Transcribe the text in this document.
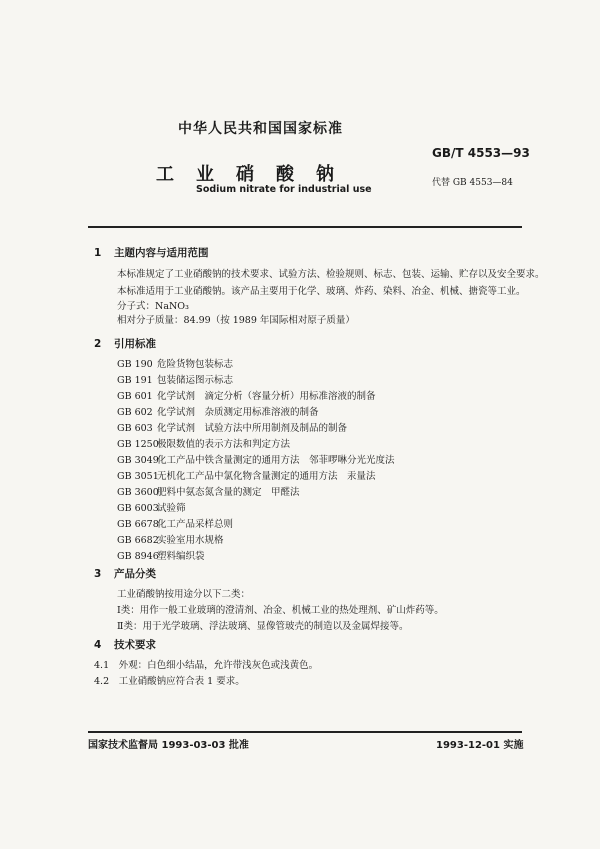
中华人民共和国国家标准
GB/T 4553—93
工业硝酸钠	代替 GB 4553—84
Sodium nitrate for industrial use
1 主题内容与适用范围
本标准规定了工业硝酸钠的技术要求、试验方法、检验规则、标志、包装、运输、贮存以及安全要求。
本标准适用于工业硝酸钠。该产品主要用于化学、玻璃、炸药、染料、冶金、机械、搪瓷等工业。
分子式：NaNO₃
相对分子质量：84.99（按 1989 年国际相对原子质量）
2 引用标准
GB 190 危险货物包装标志
GB 191 包装储运图示标志
GB 601 化学试剂　滴定分析（容量分析）用标准溶液的制备
GB 602 化学试剂　杂质测定用标准溶液的制备
GB 603 化学试剂　试验方法中所用制剂及制品的制备
GB 1250极限数值的表示方法和判定方法
GB 3049化工产品中铁含量测定的通用方法　邻菲啰啉分光光度法
GB 3051无机化工产品中氯化物含量测定的通用方法　汞量法
GB 3600肥料中氨态氮含量的测定　甲醛法
GB 6003试验筛
GB 6678化工产品采样总则
GB 6682实验室用水规格
GB 8946塑料编织袋
3 产品分类
工业硝酸钠按用途分以下二类：
Ⅰ类：用作一般工业玻璃的澄清剂、冶金、机械工业的热处理剂、矿山炸药等。
Ⅱ类：用于光学玻璃、浮法玻璃、显像管玻壳的制造以及金属焊接等。
4 技术要求
4.1　外观：白色细小结晶，允许带浅灰色或浅黄色。
4.2　工业硝酸钠应符合表 1 要求。
国家技术监督局 1993-03-03 批准	1993-12-01 实施
